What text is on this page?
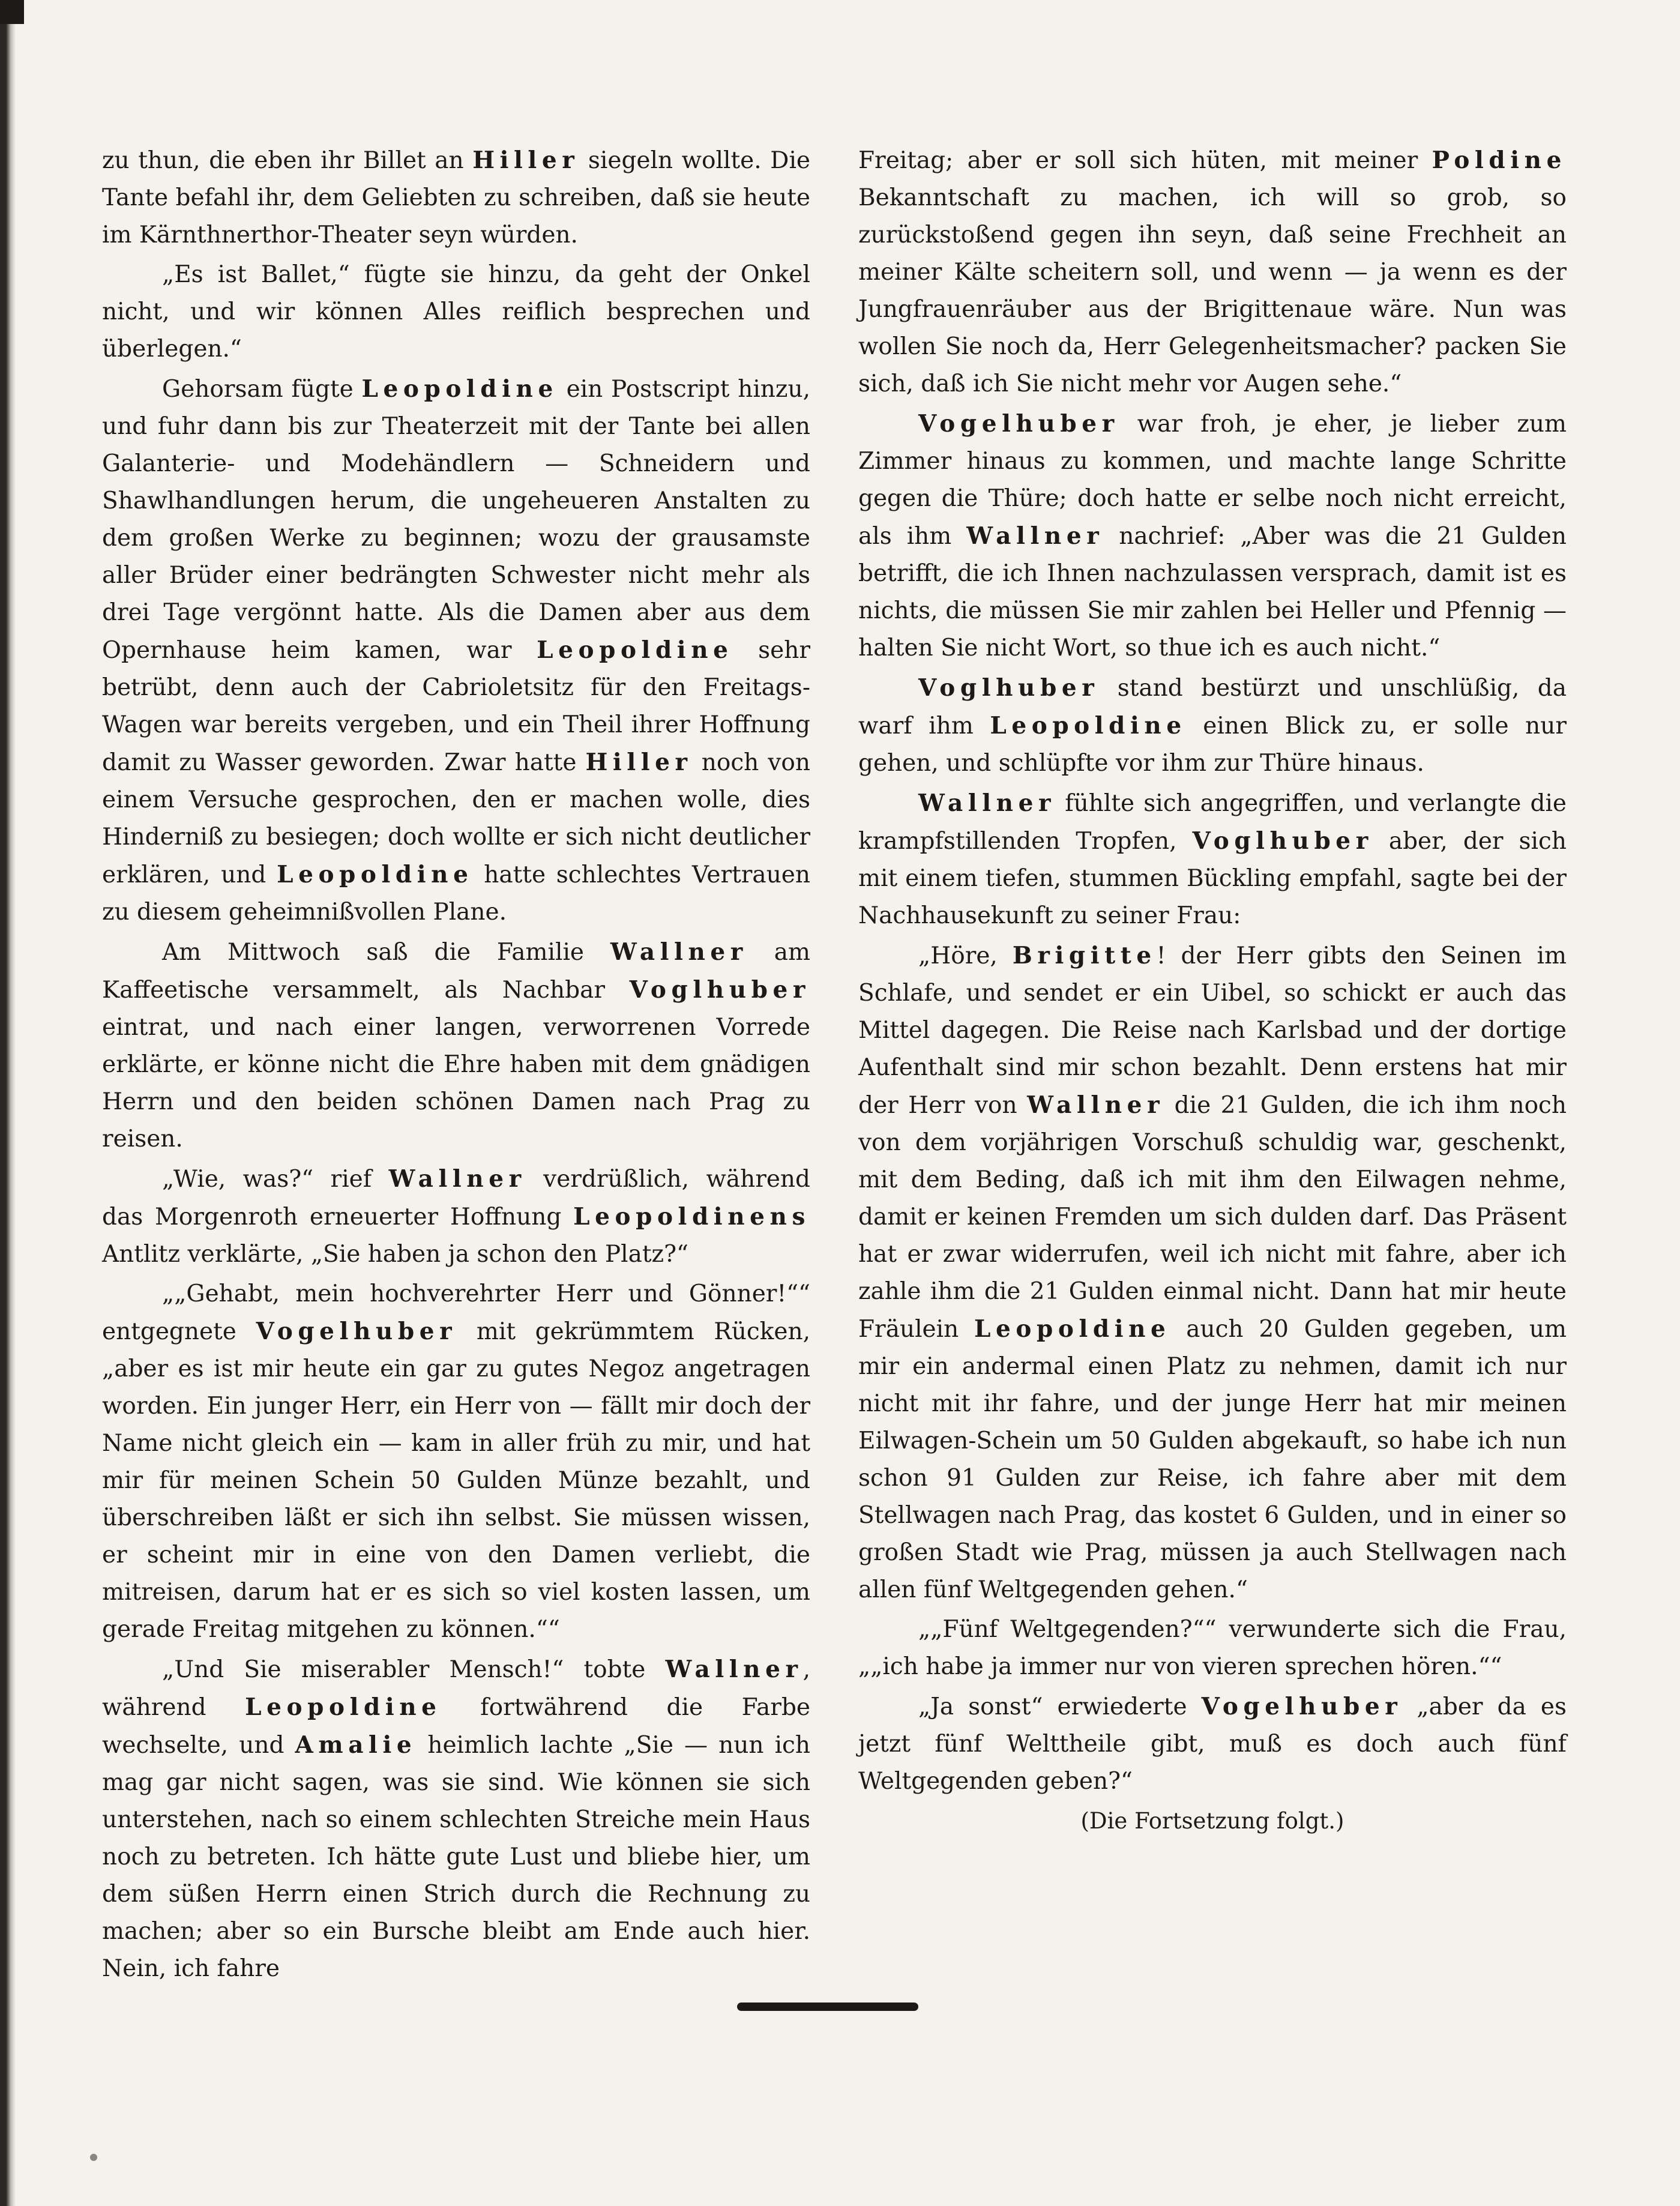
zu thun, die eben ihr Billet an Hiller siegeln wollte. Die Tante befahl ihr, dem Geliebten zu schreiben, daß sie heute im Kärnthnerthor-Theater seyn würden.

„Es ist Ballet,“ fügte sie hinzu, da geht der Onkel nicht, und wir können Alles reiflich besprechen und überlegen.“

Gehorsam fügte Leopoldine ein Postscript hinzu, und fuhr dann bis zur Theaterzeit mit der Tante bei allen Galanterie- und Modehändlern — Schneidern und Shawlhandlungen herum, die ungeheueren Anstalten zu dem großen Werke zu beginnen; wozu der grausamste aller Brüder einer bedrängten Schwester nicht mehr als drei Tage vergönnt hatte. Als die Damen aber aus dem Opernhause heim kamen, war Leopoldine sehr betrübt, denn auch der Cabrioletsitz für den Freitags-Wagen war bereits vergeben, und ein Theil ihrer Hoffnung damit zu Wasser geworden. Zwar hatte Hiller noch von einem Versuche gesprochen, den er machen wolle, dies Hinderniß zu besiegen; doch wollte er sich nicht deutlicher erklären, und Leopoldine hatte schlechtes Vertrauen zu diesem geheimnißvollen Plane.

Am Mittwoch saß die Familie Wallner am Kaffeetische versammelt, als Nachbar Voglhuber eintrat, und nach einer langen, verworrenen Vorrede erklärte, er könne nicht die Ehre haben mit dem gnädigen Herrn und den beiden schönen Damen nach Prag zu reisen.

„Wie, was?“ rief Wallner verdrüßlich, während das Morgenroth erneuerter Hoffnung Leopoldinens Antlitz verklärte, „Sie haben ja schon den Platz?“

„„Gehabt, mein hochverehrter Herr und Gönner!““ entgegnete Vogelhuber mit gekrümmtem Rücken, „aber es ist mir heute ein gar zu gutes Negoz angetragen worden. Ein junger Herr, ein Herr von — fällt mir doch der Name nicht gleich ein — kam in aller früh zu mir, und hat mir für meinen Schein 50 Gulden Münze bezahlt, und überschreiben läßt er sich ihn selbst. Sie müssen wissen, er scheint mir in eine von den Damen verliebt, die mitreisen, darum hat er es sich so viel kosten lassen, um gerade Freitag mitgehen zu können.““

„Und Sie miserabler Mensch!“ tobte Wallner, während Leopoldine fortwährend die Farbe wechselte, und Amalie heimlich lachte „Sie — nun ich mag gar nicht sagen, was sie sind. Wie können sie sich unterstehen, nach so einem schlechten Streiche mein Haus noch zu betreten. Ich hätte gute Lust und bliebe hier, um dem süßen Herrn einen Strich durch die Rechnung zu machen; aber so ein Bursche bleibt am Ende auch hier. Nein, ich fahre

Freitag; aber er soll sich hüten, mit meiner Poldine Bekanntschaft zu machen, ich will so grob, so zurückstoßend gegen ihn seyn, daß seine Frechheit an meiner Kälte scheitern soll, und wenn — ja wenn es der Jungfrauenräuber aus der Brigittenaue wäre. Nun was wollen Sie noch da, Herr Gelegenheitsmacher? packen Sie sich, daß ich Sie nicht mehr vor Augen sehe.“

Vogelhuber war froh, je eher, je lieber zum Zimmer hinaus zu kommen, und machte lange Schritte gegen die Thüre; doch hatte er selbe noch nicht erreicht, als ihm Wallner nachrief: „Aber was die 21 Gulden betrifft, die ich Ihnen nachzulassen versprach, damit ist es nichts, die müssen Sie mir zahlen bei Heller und Pfennig — halten Sie nicht Wort, so thue ich es auch nicht.“

Voglhuber stand bestürzt und unschlüßig, da warf ihm Leopoldine einen Blick zu, er solle nur gehen, und schlüpfte vor ihm zur Thüre hinaus.

Wallner fühlte sich angegriffen, und verlangte die krampfstillenden Tropfen, Voglhuber aber, der sich mit einem tiefen, stummen Bückling empfahl, sagte bei der Nachhausekunft zu seiner Frau:

„Höre, Brigitte! der Herr gibts den Seinen im Schlafe, und sendet er ein Uibel, so schickt er auch das Mittel dagegen. Die Reise nach Karlsbad und der dortige Aufenthalt sind mir schon bezahlt. Denn erstens hat mir der Herr von Wallner die 21 Gulden, die ich ihm noch von dem vorjährigen Vorschuß schuldig war, geschenkt, mit dem Beding, daß ich mit ihm den Eilwagen nehme, damit er keinen Fremden um sich dulden darf. Das Präsent hat er zwar widerrufen, weil ich nicht mit fahre, aber ich zahle ihm die 21 Gulden einmal nicht. Dann hat mir heute Fräulein Leopoldine auch 20 Gulden gegeben, um mir ein andermal einen Platz zu nehmen, damit ich nur nicht mit ihr fahre, und der junge Herr hat mir meinen Eilwagen-Schein um 50 Gulden abgekauft, so habe ich nun schon 91 Gulden zur Reise, ich fahre aber mit dem Stellwagen nach Prag, das kostet 6 Gulden, und in einer so großen Stadt wie Prag, müssen ja auch Stellwagen nach allen fünf Weltgegenden gehen.“

„„Fünf Weltgegenden?““ verwunderte sich die Frau, „„ich habe ja immer nur von vieren sprechen hören.““

„Ja sonst“ erwiederte Vogelhuber „aber da es jetzt fünf Welttheile gibt, muß es doch auch fünf Weltgegenden geben?“

(Die Fortsetzung folgt.)
